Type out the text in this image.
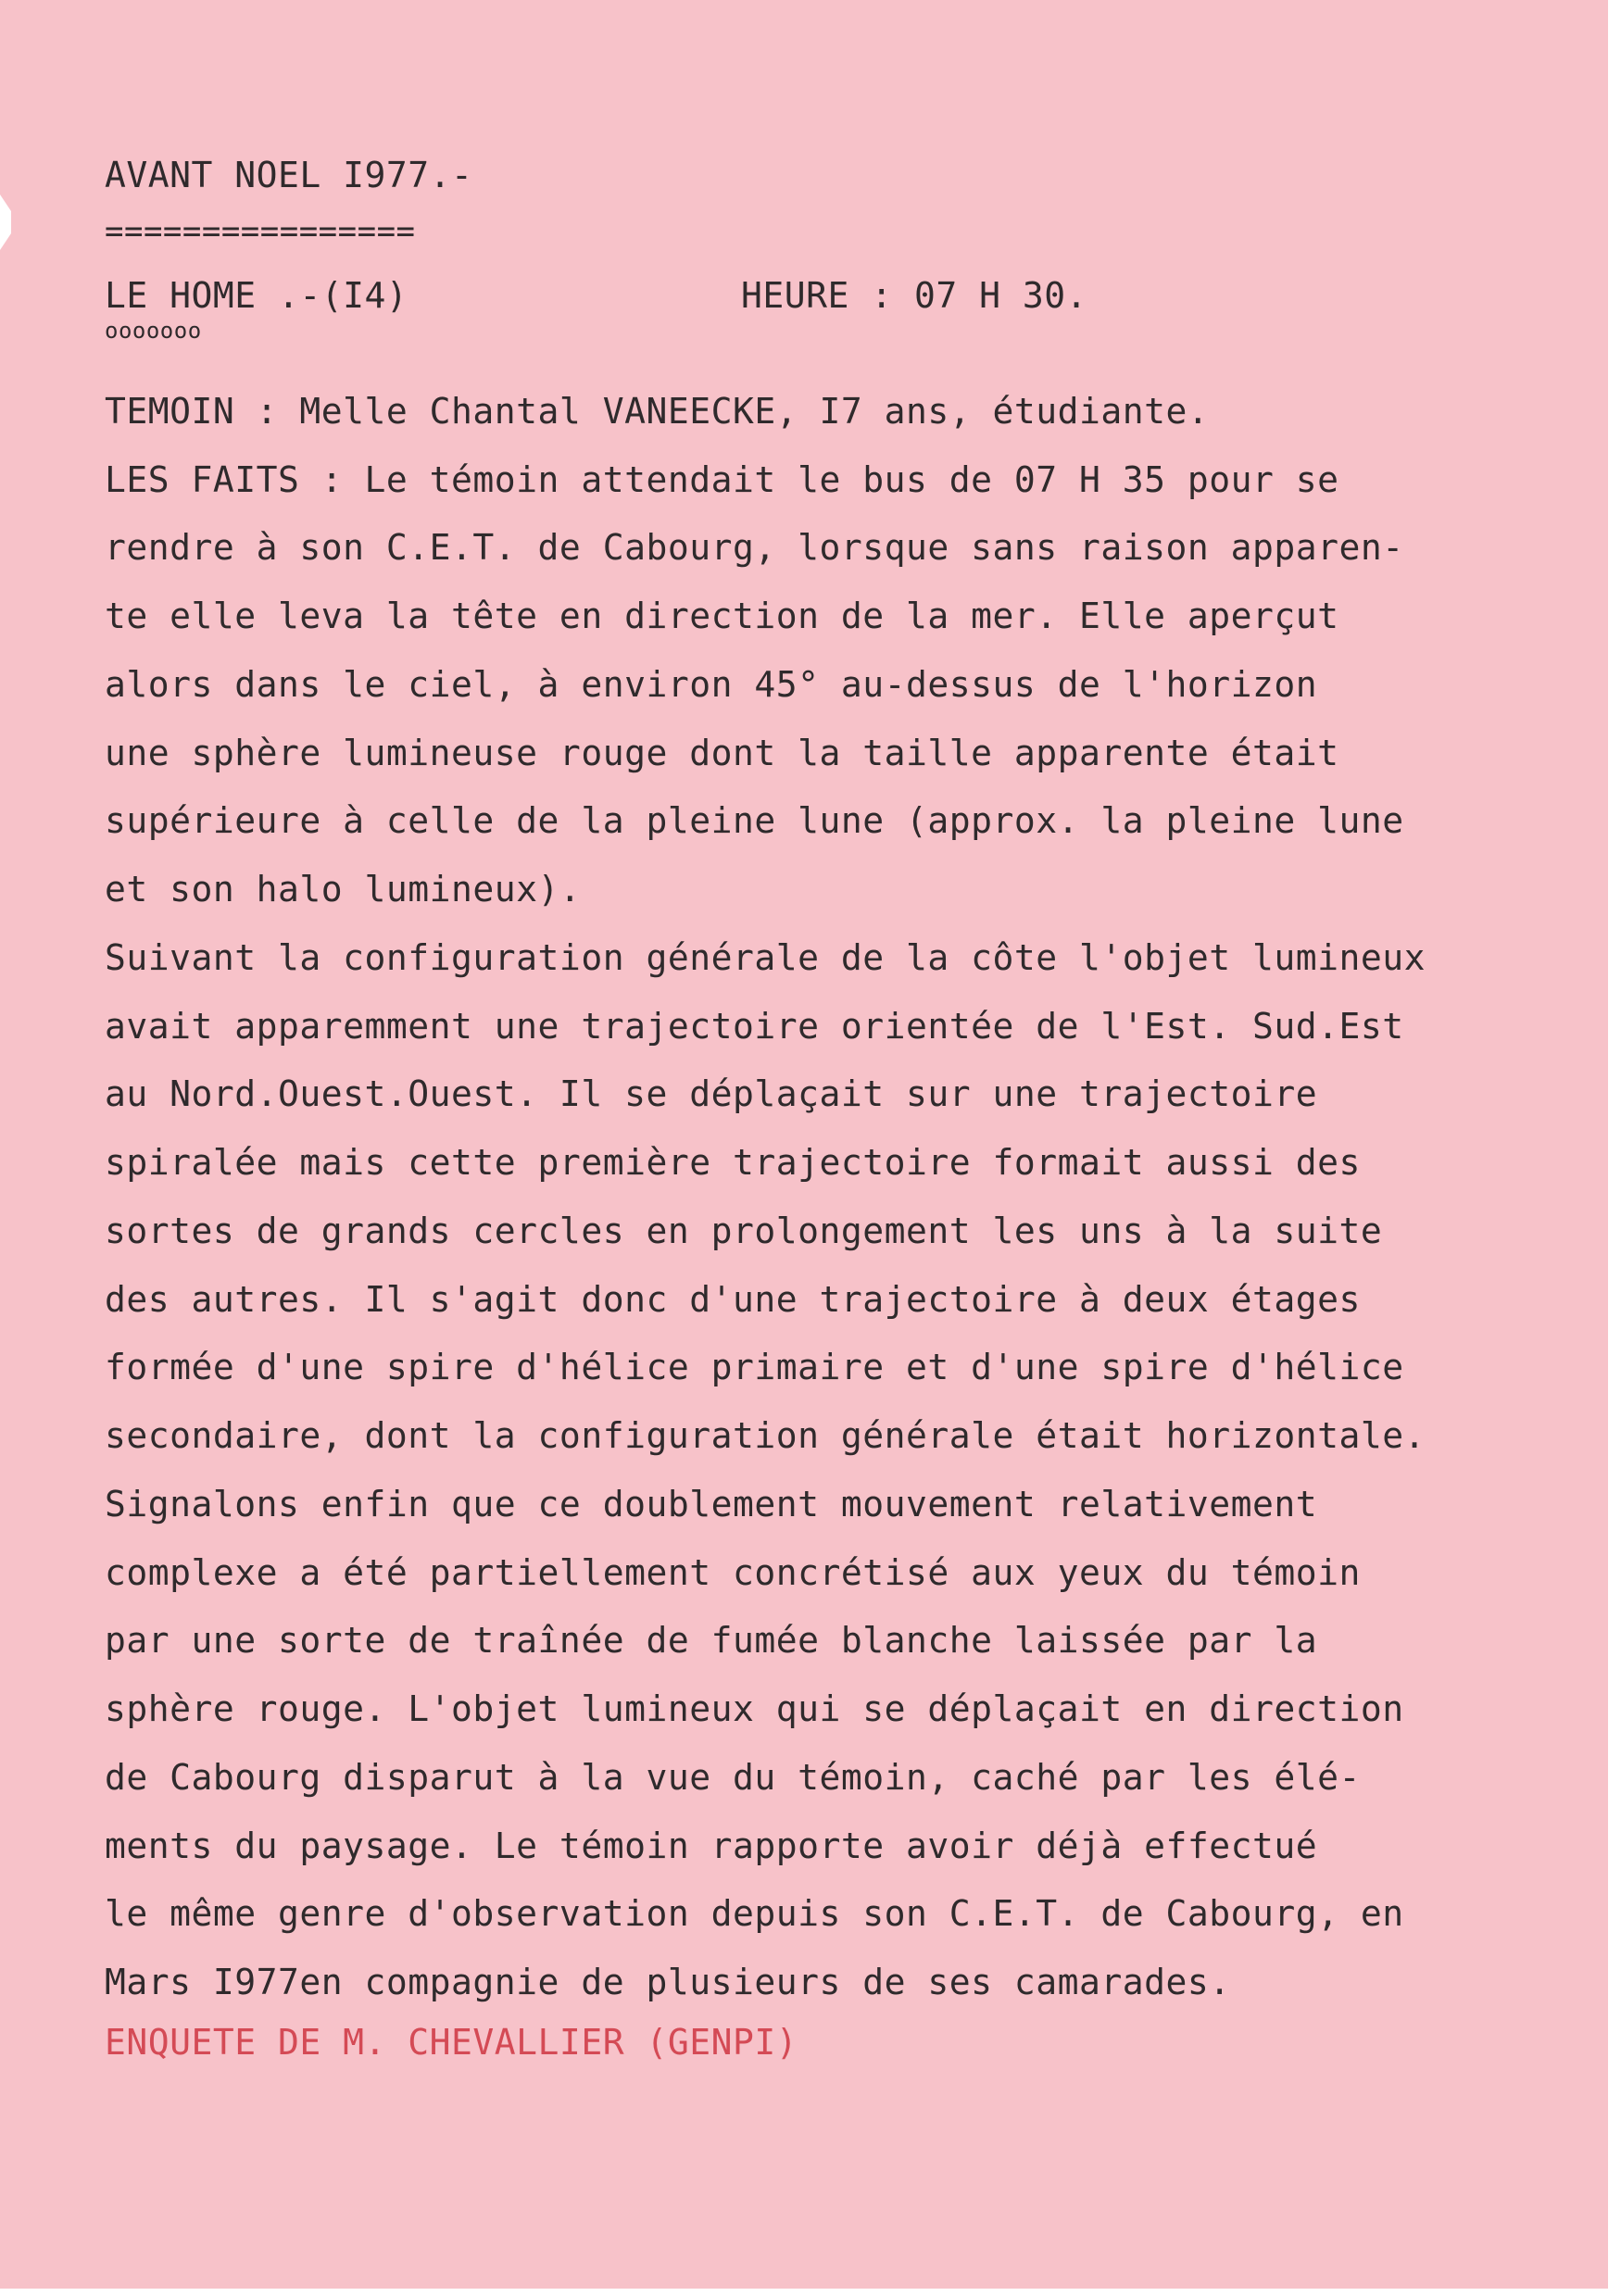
AVANT NOEL I977.-
================
LE HOME .-(I4)	HEURE : 07 H 30.
ooooooo
TEMOIN : Melle Chantal VANEECKE, I7 ans, étudiante.
LES FAITS : Le témoin attendait le bus de 07 H 35 pour se
rendre à son C.E.T. de Cabourg, lorsque sans raison apparen-
te elle leva la tête en direction de la mer. Elle aperçut
alors dans le ciel, à environ 45° au-dessus de l'horizon
une sphère lumineuse rouge dont la taille apparente était
supérieure à celle de la pleine lune (approx. la pleine lune
et son halo lumineux).
Suivant la configuration générale de la côte l'objet lumineux
avait apparemment une trajectoire orientée de l'Est. Sud.Est
au Nord.Ouest.Ouest. Il se déplaçait sur une trajectoire
spiralée mais cette première trajectoire formait aussi des
sortes de grands cercles en prolongement les uns à la suite
des autres. Il s'agit donc d'une trajectoire à deux étages
formée d'une spire d'hélice primaire et d'une spire d'hélice
secondaire, dont la configuration générale était horizontale.
Signalons enfin que ce doublement mouvement relativement
complexe a été partiellement concrétisé aux yeux du témoin
par une sorte de traînée de fumée blanche laissée par la
sphère rouge. L'objet lumineux qui se déplaçait en direction
de Cabourg disparut à la vue du témoin, caché par les élé-
ments du paysage. Le témoin rapporte avoir déjà effectué
le même genre d'observation depuis son C.E.T. de Cabourg, en
Mars I977en compagnie de plusieurs de ses camarades.
ENQUETE DE M. CHEVALLIER (GENPI)
